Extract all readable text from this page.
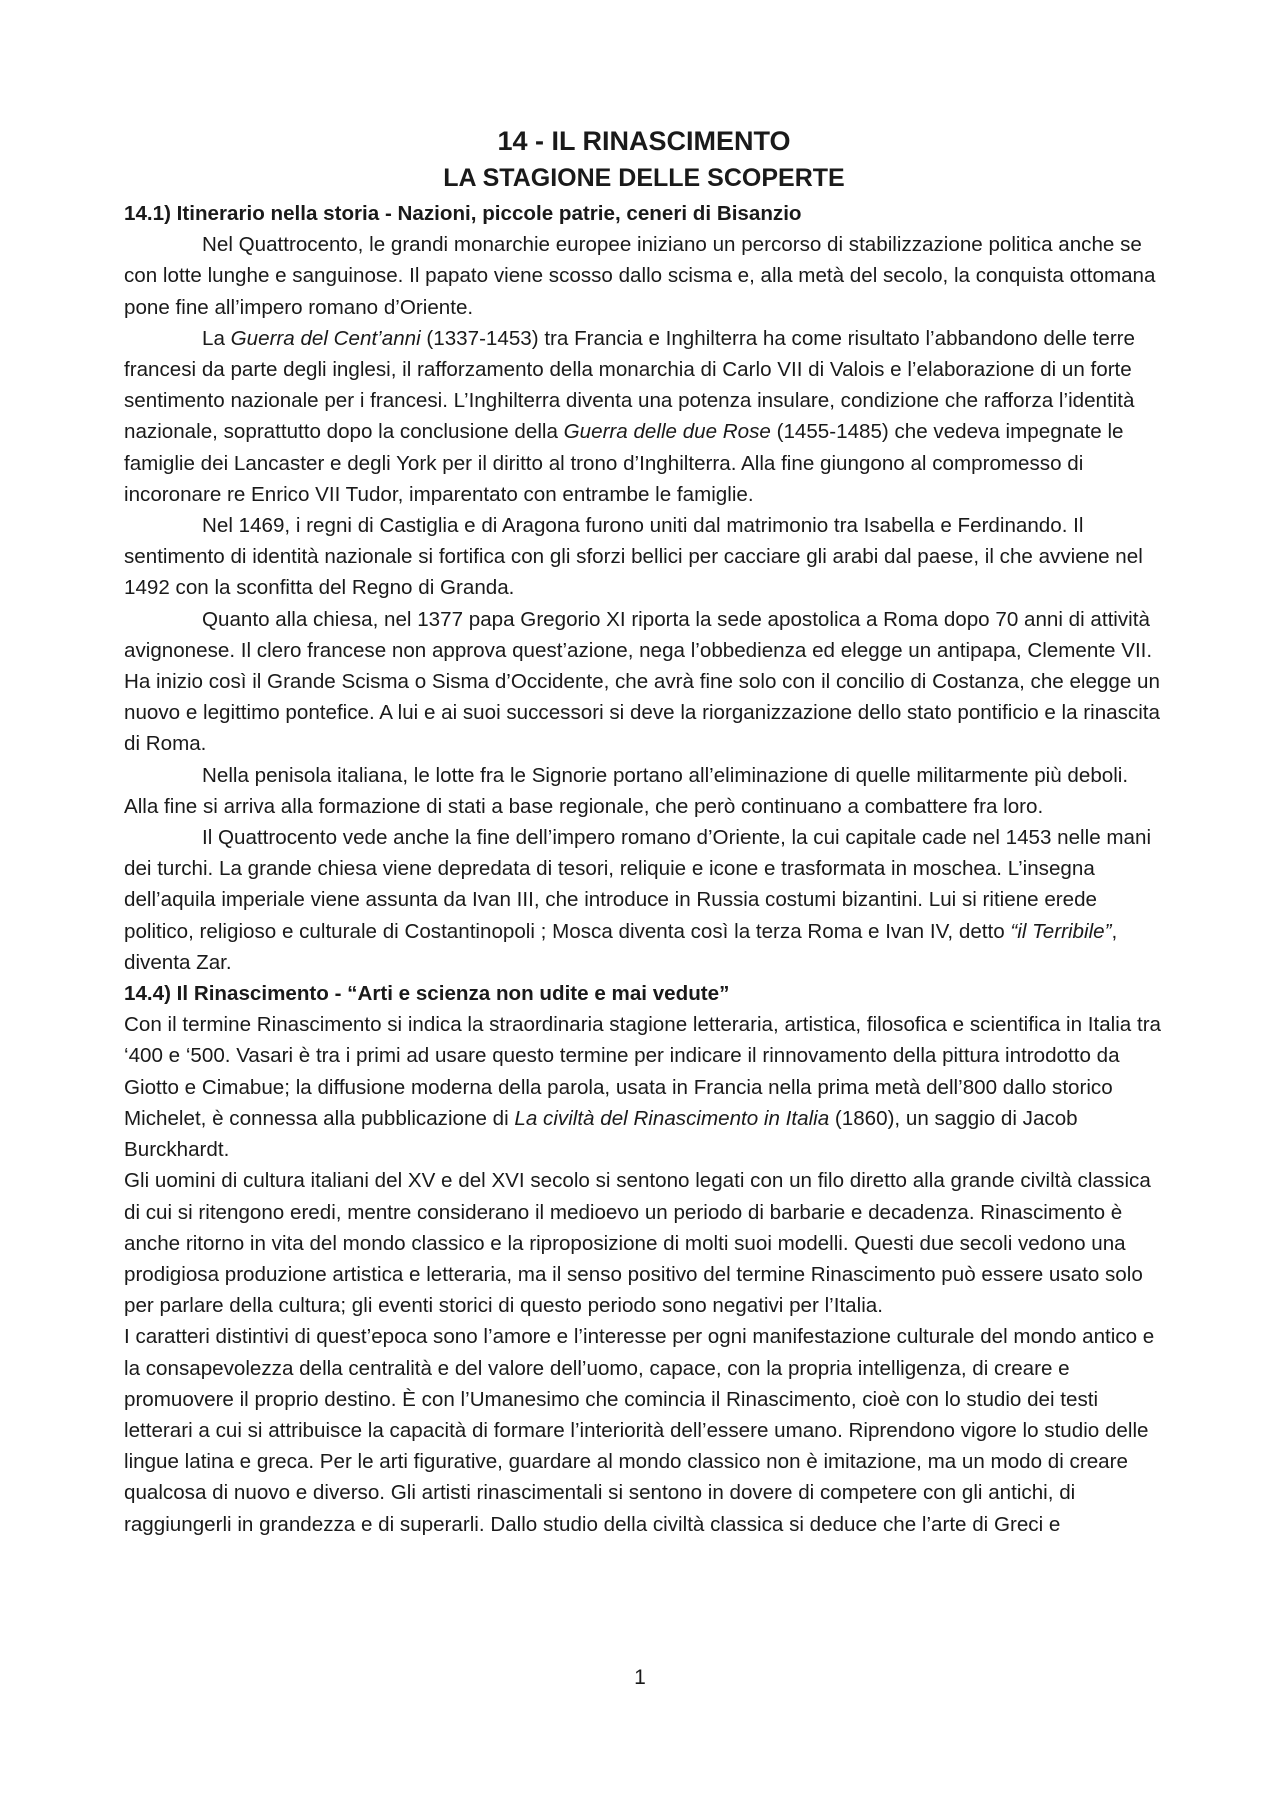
14 - IL RINASCIMENTO
LA STAGIONE DELLE SCOPERTE
14.1) Itinerario nella storia - Nazioni, piccole patrie, ceneri di Bisanzio

Nel Quattrocento, le grandi monarchie europee iniziano un percorso di stabilizzazione politica anche se con lotte lunghe e sanguinose. Il papato viene scosso dallo scisma e, alla metà del secolo, la conquista ottomana pone fine all’impero romano d’Oriente.

La Guerra del Cent’anni (1337-1453) tra Francia e Inghilterra ha come risultato l’abbandono delle terre francesi da parte degli inglesi, il rafforzamento della monarchia di Carlo VII di Valois e l’elaborazione di un forte sentimento nazionale per i francesi. L’Inghilterra diventa una potenza insulare, condizione che rafforza l’identità nazionale, soprattutto dopo la conclusione della Guerra delle due Rose (1455-1485) che vedeva impegnate le famiglie dei Lancaster e degli York per il diritto al trono d’Inghilterra. Alla fine giungono al compromesso di incoronare re Enrico VII Tudor, imparentato con entrambe le famiglie.

Nel 1469, i regni di Castiglia e di Aragona furono uniti dal matrimonio tra Isabella e Ferdinando. Il sentimento di identità nazionale si fortifica con gli sforzi bellici per cacciare gli arabi dal paese, il che avviene nel 1492 con la sconfitta del Regno di Granda.

Quanto alla chiesa, nel 1377 papa Gregorio XI riporta la sede apostolica a Roma dopo 70 anni di attività avignonese. Il clero francese non approva quest’azione, nega l’obbedienza ed elegge un antipapa, Clemente VII. Ha inizio così il Grande Scisma o Sisma d’Occidente, che avrà fine solo con il concilio di Costanza, che elegge un nuovo e legittimo pontefice. A lui e ai suoi successori si deve la riorganizzazione dello stato pontificio e la rinascita di Roma.

Nella penisola italiana, le lotte fra le Signorie portano all’eliminazione di quelle militarmente più deboli. Alla fine si arriva alla formazione di stati a base regionale, che però continuano a combattere fra loro.

Il Quattrocento vede anche la fine dell’impero romano d’Oriente, la cui capitale cade nel 1453 nelle mani dei turchi. La grande chiesa viene depredata di tesori, reliquie e icone e trasformata in moschea. L’insegna dell’aquila imperiale viene assunta da Ivan III, che introduce in Russia costumi bizantini. Lui si ritiene erede politico, religioso e culturale di Costantinopoli ; Mosca diventa così la terza Roma e Ivan IV, detto “il Terribile”, diventa Zar.

14.4) Il Rinascimento - “Arti e scienza non udite e mai vedute”

Con il termine Rinascimento si indica la straordinaria stagione letteraria, artistica, filosofica e scientifica in Italia tra ‘400 e ‘500. Vasari è tra i primi ad usare questo termine per indicare il rinnovamento della pittura introdotto da Giotto e Cimabue; la diffusione moderna della parola, usata in Francia nella prima metà dell’800 dallo storico Michelet, è connessa alla pubblicazione di La civiltà del Rinascimento in Italia (1860), un saggio di Jacob Burckhardt.

Gli uomini di cultura italiani del XV e del XVI secolo si sentono legati con un filo diretto alla grande civiltà classica di cui si ritengono eredi, mentre considerano il medioevo un periodo di barbarie e decadenza. Rinascimento è anche ritorno in vita del mondo classico e la riproposizione di molti suoi modelli. Questi due secoli vedono una prodigiosa produzione artistica e letteraria, ma il senso positivo del termine Rinascimento può essere usato solo per parlare della cultura; gli eventi storici di questo periodo sono negativi per l’Italia.

I caratteri distintivi di quest’epoca sono l’amore e l’interesse per ogni manifestazione culturale del mondo antico e la consapevolezza della centralità e del valore dell’uomo, capace, con la propria intelligenza, di creare e promuovere il proprio destino. È con l’Umanesimo che comincia il Rinascimento, cioè con lo studio dei testi letterari a cui si attribuisce la capacità di formare l’interiorità dell’essere umano. Riprendono vigore lo studio delle lingue latina e greca. Per le arti figurative, guardare al mondo classico non è imitazione, ma un modo di creare qualcosa di nuovo e diverso. Gli artisti rinascimentali si sentono in dovere di competere con gli antichi, di raggiungerli in grandezza e di superarli. Dallo studio della civiltà classica si deduce che l’arte di Greci e

1
